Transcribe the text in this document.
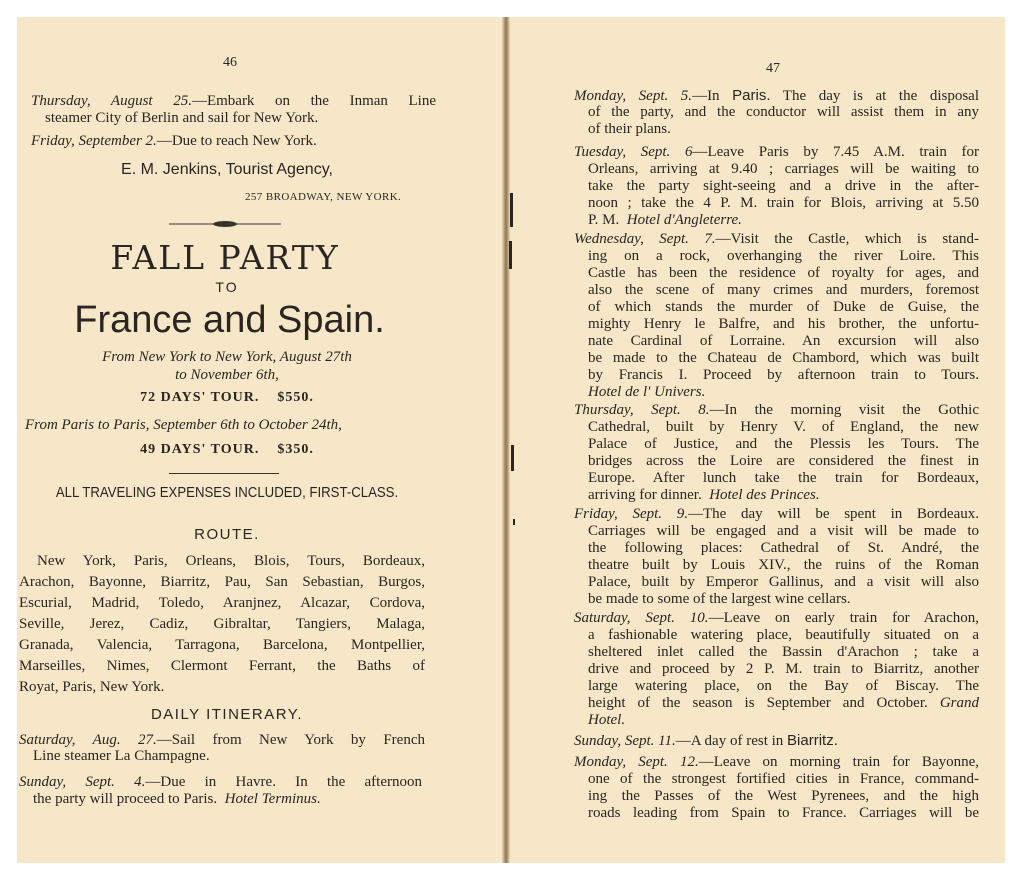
46
Thursday, August 25.—Embark on the Inman Line
steamer City of Berlin and sail for New York.
Friday, September 2.—Due to reach New York.
E. M. Jenkins, Tourist Agency,
257 BROADWAY, NEW YORK.
FALL PARTY
TO
France and Spain.
From New York to New York, August 27th
to November 6th,
72 DAYS' TOUR. $550.
From Paris to Paris, September 6th to October 24th,
49 DAYS' TOUR. $350.
ALL TRAVELING EXPENSES INCLUDED, FIRST-CLASS.
ROUTE.
New York, Paris, Orleans, Blois, Tours, Bordeaux,
Arachon, Bayonne, Biarritz, Pau, San Sebastian, Burgos,
Escurial, Madrid, Toledo, Aranjnez, Alcazar, Cordova,
Seville, Jerez, Cadiz, Gibraltar, Tangiers, Malaga,
Granada, Valencia, Tarragona, Barcelona, Montpellier,
Marseilles, Nimes, Clermont Ferrant, the Baths of
Royat, Paris, New York.
DAILY ITINERARY.
Saturday, Aug. 27.—Sail from New York by French
Line steamer La Champagne.
Sunday, Sept. 4.—Due in Havre. In the afternoon
the party will proceed to Paris. Hotel Terminus.
47
Monday, Sept. 5.—In Paris. The day is at the disposal
of the party, and the conductor will assist them in any
of their plans.
Tuesday, Sept. 6—Leave Paris by 7.45 A.M. train for
Orleans, arriving at 9.40 ; carriages will be waiting to
take the party sight-seeing and a drive in the after-
noon ; take the 4 P. M. train for Blois, arriving at 5.50
P. M. Hotel d'Angleterre.
Wednesday, Sept. 7.—Visit the Castle, which is stand-
ing on a rock, overhanging the river Loire. This
Castle has been the residence of royalty for ages, and
also the scene of many crimes and murders, foremost
of which stands the murder of Duke de Guise, the
mighty Henry le Balfre, and his brother, the unfortu-
nate Cardinal of Lorraine. An excursion will also
be made to the Chateau de Chambord, which was built
by Francis I. Proceed by afternoon train to Tours.
Hotel de l' Univers.
Thursday, Sept. 8.—In the morning visit the Gothic
Cathedral, built by Henry V. of England, the new
Palace of Justice, and the Plessis les Tours. The
bridges across the Loire are considered the finest in
Europe. After lunch take the train for Bordeaux,
arriving for dinner. Hotel des Princes.
Friday, Sept. 9.—The day will be spent in Bordeaux.
Carriages will be engaged and a visit will be made to
the following places: Cathedral of St. André, the
theatre built by Louis XIV., the ruins of the Roman
Palace, built by Emperor Gallinus, and a visit will also
be made to some of the largest wine cellars.
Saturday, Sept. 10.—Leave on early train for Arachon,
a fashionable watering place, beautifully situated on a
sheltered inlet called the Bassin d'Arachon ; take a
drive and proceed by 2 P. M. train to Biarritz, another
large watering place, on the Bay of Biscay. The
height of the season is September and October. Grand
Hotel.
Sunday, Sept. 11.—A day of rest in Biarritz.
Monday, Sept. 12.—Leave on morning train for Bayonne,
one of the strongest fortified cities in France, command-
ing the Passes of the West Pyrenees, and the high
roads leading from Spain to France. Carriages will be
